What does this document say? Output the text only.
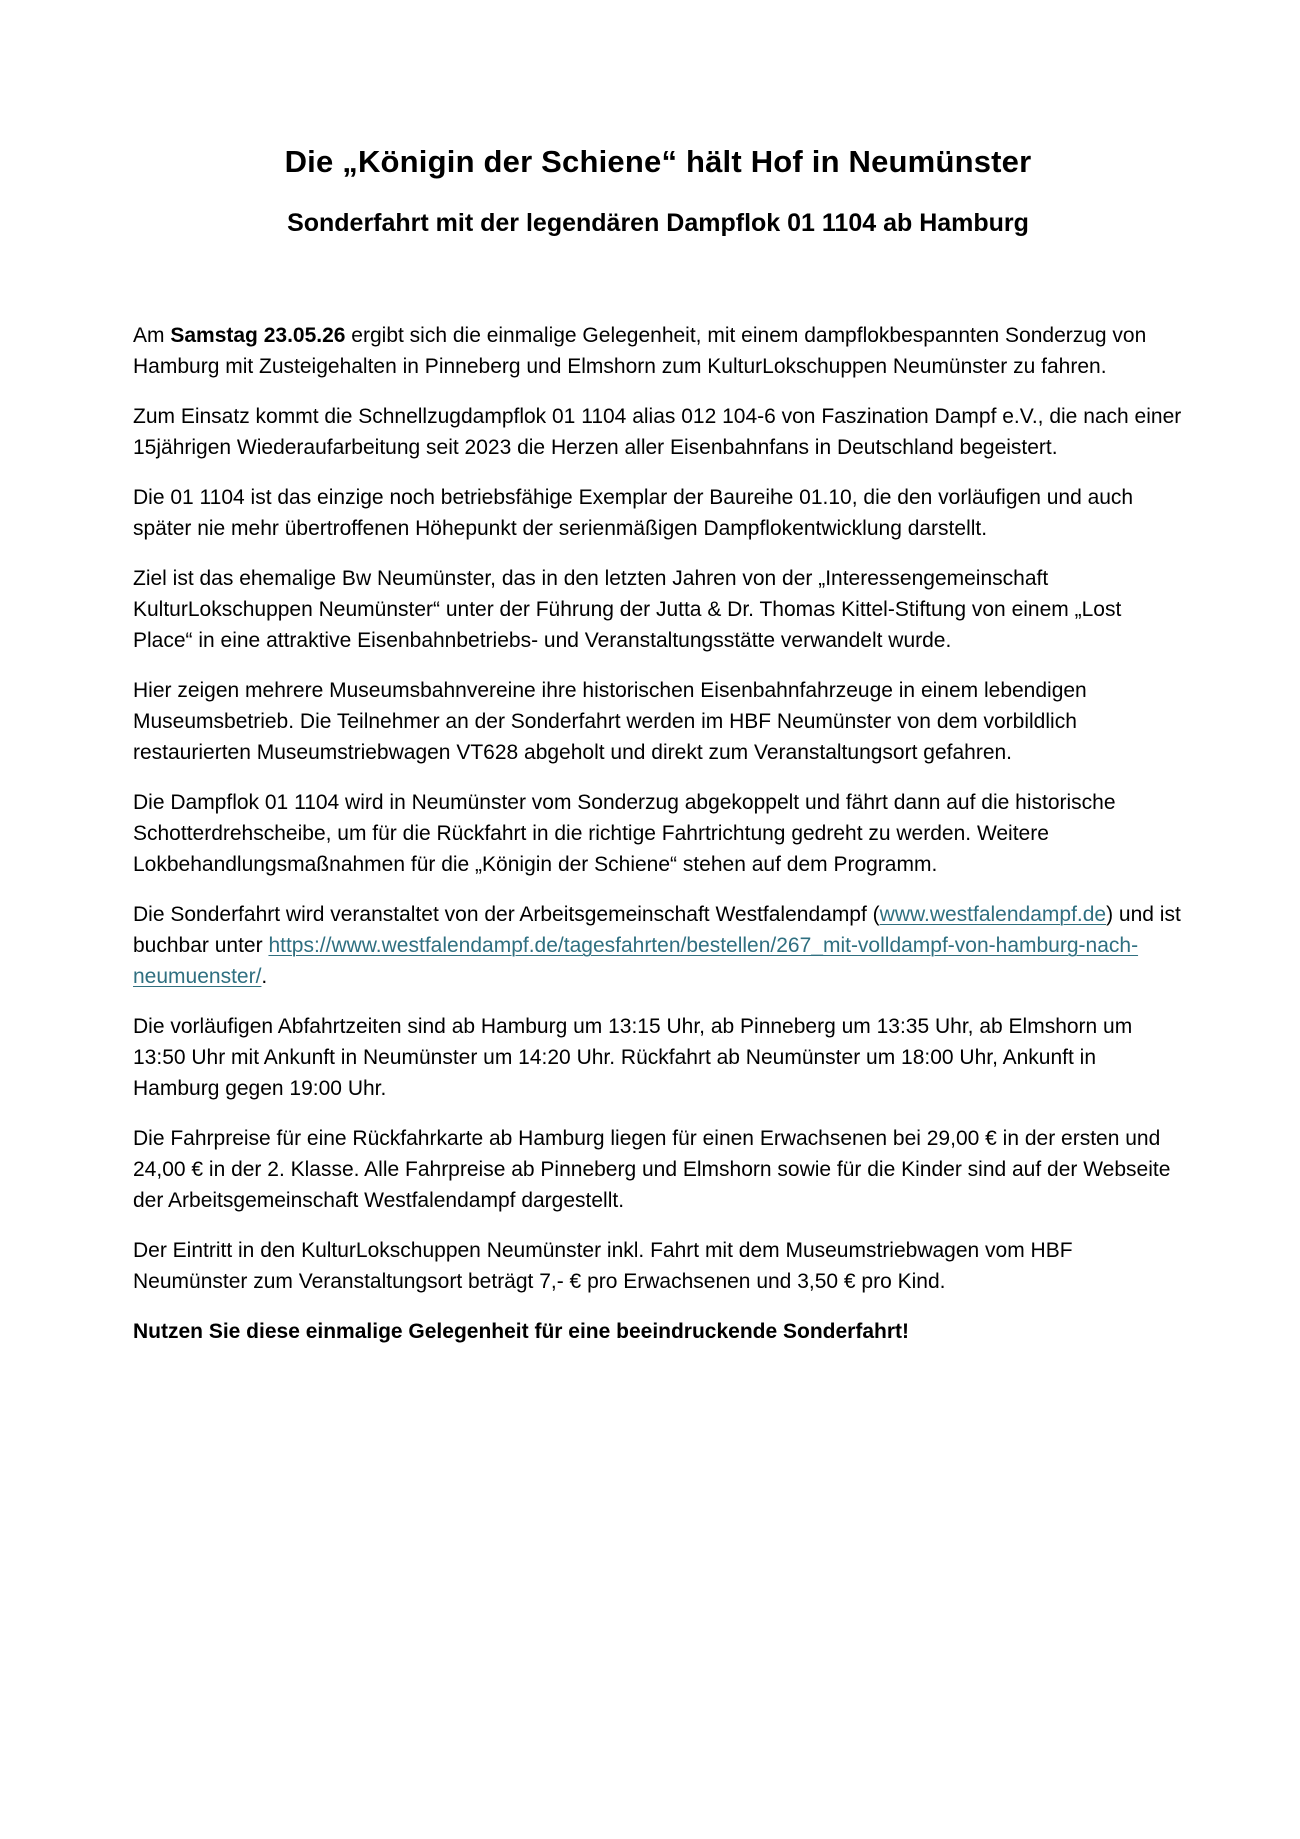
Die „Königin der Schiene“ hält Hof in Neumünster
Sonderfahrt mit der legendären Dampflok 01 1104 ab Hamburg

Am Samstag 23.05.26 ergibt sich die einmalige Gelegenheit, mit einem dampflokbespannten Sonderzug von Hamburg mit Zusteigehalten in Pinneberg und Elmshorn zum KulturLokschuppen Neumünster zu fahren.

Zum Einsatz kommt die Schnellzugdampflok 01 1104 alias 012 104-6 von Faszination Dampf e.V., die nach einer 15jährigen Wiederaufarbeitung seit 2023 die Herzen aller Eisenbahnfans in Deutschland begeistert.

Die 01 1104 ist das einzige noch betriebsfähige Exemplar der Baureihe 01.10, die den vorläufigen und auch später nie mehr übertroffenen Höhepunkt der serienmäßigen Dampflokentwicklung darstellt.

Ziel ist das ehemalige Bw Neumünster, das in den letzten Jahren von der „Interessengemeinschaft KulturLokschuppen Neumünster“ unter der Führung der Jutta & Dr. Thomas Kittel-Stiftung von einem „Lost Place“ in eine attraktive Eisenbahnbetriebs- und Veranstaltungsstätte verwandelt wurde.

Hier zeigen mehrere Museumsbahnvereine ihre historischen Eisenbahnfahrzeuge in einem lebendigen Museumsbetrieb. Die Teilnehmer an der Sonderfahrt werden im HBF Neumünster von dem vorbildlich restaurierten Museumstriebwagen VT628 abgeholt und direkt zum Veranstaltungsort gefahren.

Die Dampflok 01 1104 wird in Neumünster vom Sonderzug abgekoppelt und fährt dann auf die historische Schotterdrehscheibe, um für die Rückfahrt in die richtige Fahrtrichtung gedreht zu werden. Weitere Lokbehandlungsmaßnahmen für die „Königin der Schiene“ stehen auf dem Programm.

Die Sonderfahrt wird veranstaltet von der Arbeitsgemeinschaft Westfalendampf (www.westfalendampf.de) und ist buchbar unter https://www.westfalendampf.de/tagesfahrten/bestellen/267_mit-volldampf-von-hamburg-nach-neumuenster/.

Die vorläufigen Abfahrtzeiten sind ab Hamburg um 13:15 Uhr, ab Pinneberg um 13:35 Uhr, ab Elmshorn um 13:50 Uhr mit Ankunft in Neumünster um 14:20 Uhr. Rückfahrt ab Neumünster um 18:00 Uhr, Ankunft in Hamburg gegen 19:00 Uhr.

Die Fahrpreise für eine Rückfahrkarte ab Hamburg liegen für einen Erwachsenen bei 29,00 € in der ersten und 24,00 € in der 2. Klasse. Alle Fahrpreise ab Pinneberg und Elmshorn sowie für die Kinder sind auf der Webseite der Arbeitsgemeinschaft Westfalendampf dargestellt.

Der Eintritt in den KulturLokschuppen Neumünster inkl. Fahrt mit dem Museumstriebwagen vom HBF Neumünster zum Veranstaltungsort beträgt 7,- € pro Erwachsenen und 3,50 € pro Kind.

Nutzen Sie diese einmalige Gelegenheit für eine beeindruckende Sonderfahrt!
